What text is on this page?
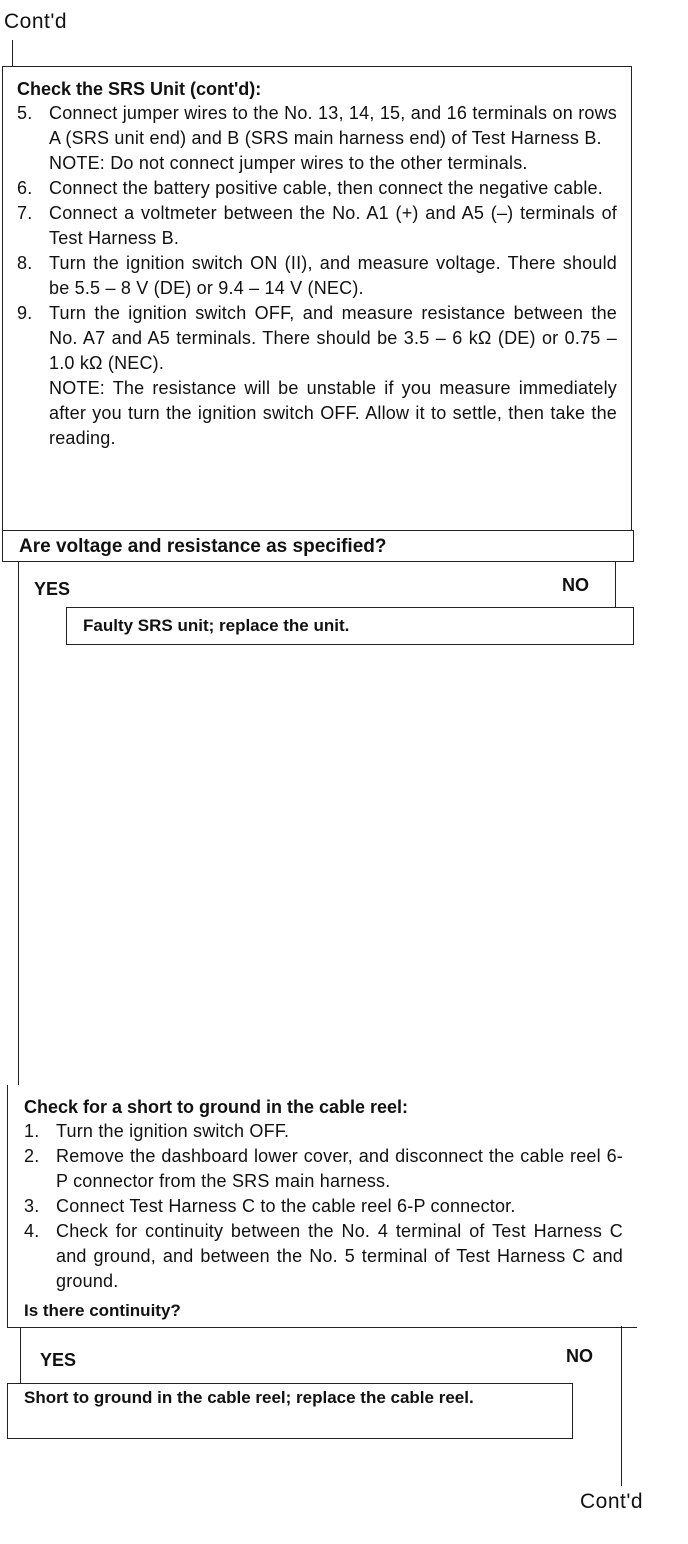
Cont'd
Check the SRS Unit (cont'd):
5. Connect jumper wires to the No. 13, 14, 15, and 16 terminals on rows A (SRS unit end) and B (SRS main harness end) of Test Harness B.
NOTE: Do not connect jumper wires to the other terminals.
6. Connect the battery positive cable, then connect the negative cable.
7. Connect a voltmeter between the No. A1 (+) and A5 (–) terminals of Test Harness B.
8. Turn the ignition switch ON (II), and measure voltage. There should be 5.5 – 8 V (DE) or 9.4 – 14 V (NEC).
9. Turn the ignition switch OFF, and measure resistance between the No. A7 and A5 terminals. There should be 3.5 – 6 kΩ (DE) or 0.75 – 1.0 kΩ (NEC).
NOTE: The resistance will be unstable if you measure immediately after you turn the ignition switch OFF. Allow it to settle, then take the reading.
Are voltage and resistance as specified?
YES	NO
Faulty SRS unit; replace the unit.
Check for a short to ground in the cable reel:
1. Turn the ignition switch OFF.
2. Remove the dashboard lower cover, and disconnect the cable reel 6-P connector from the SRS main harness.
3. Connect Test Harness C to the cable reel 6-P connector.
4. Check for continuity between the No. 4 terminal of Test Harness C and ground, and between the No. 5 terminal of Test Harness C and ground.
Is there continuity?
YES	NO
Short to ground in the cable reel; replace the cable reel.
Cont'd
